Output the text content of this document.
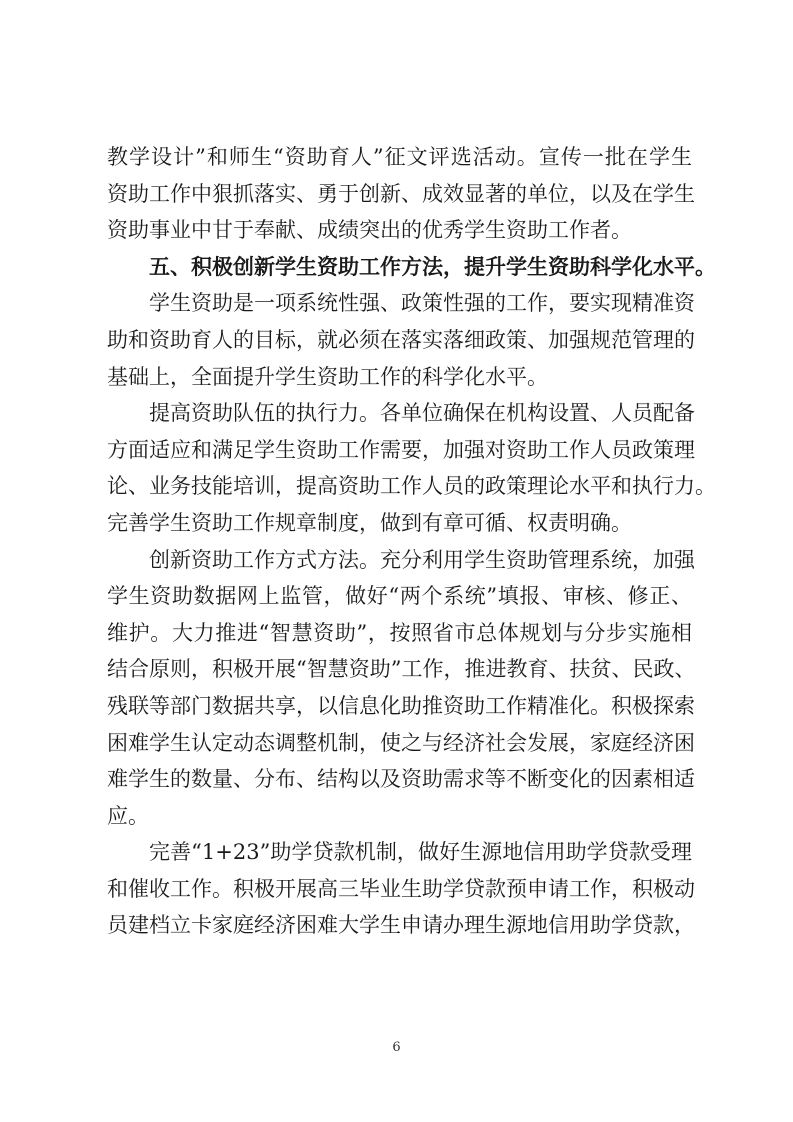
教学设计”和师生“资助育人”征文评选活动。宣传一批在学生
资助工作中狠抓落实、勇于创新、成效显著的单位，以及在学生
资助事业中甘于奉献、成绩突出的优秀学生资助工作者。
五、积极创新学生资助工作方法，提升学生资助科学化水平。
学生资助是一项系统性强、政策性强的工作，要实现精准资
助和资助育人的目标，就必须在落实落细政策、加强规范管理的
基础上，全面提升学生资助工作的科学化水平。
提高资助队伍的执行力。各单位确保在机构设置、人员配备
方面适应和满足学生资助工作需要，加强对资助工作人员政策理
论、业务技能培训，提高资助工作人员的政策理论水平和执行力。
完善学生资助工作规章制度，做到有章可循、权责明确。
创新资助工作方式方法。充分利用学生资助管理系统，加强
学生资助数据网上监管，做好“两个系统”填报、审核、修正、
维护。大力推进“智慧资助”，按照省市总体规划与分步实施相
结合原则，积极开展“智慧资助”工作，推进教育、扶贫、民政、
残联等部门数据共享，以信息化助推资助工作精准化。积极探索
困难学生认定动态调整机制，使之与经济社会发展，家庭经济困
难学生的数量、分布、结构以及资助需求等不断变化的因素相适
应。
完善“1+23”助学贷款机制，做好生源地信用助学贷款受理
和催收工作。积极开展高三毕业生助学贷款预申请工作，积极动
员建档立卡家庭经济困难大学生申请办理生源地信用助学贷款，
6
